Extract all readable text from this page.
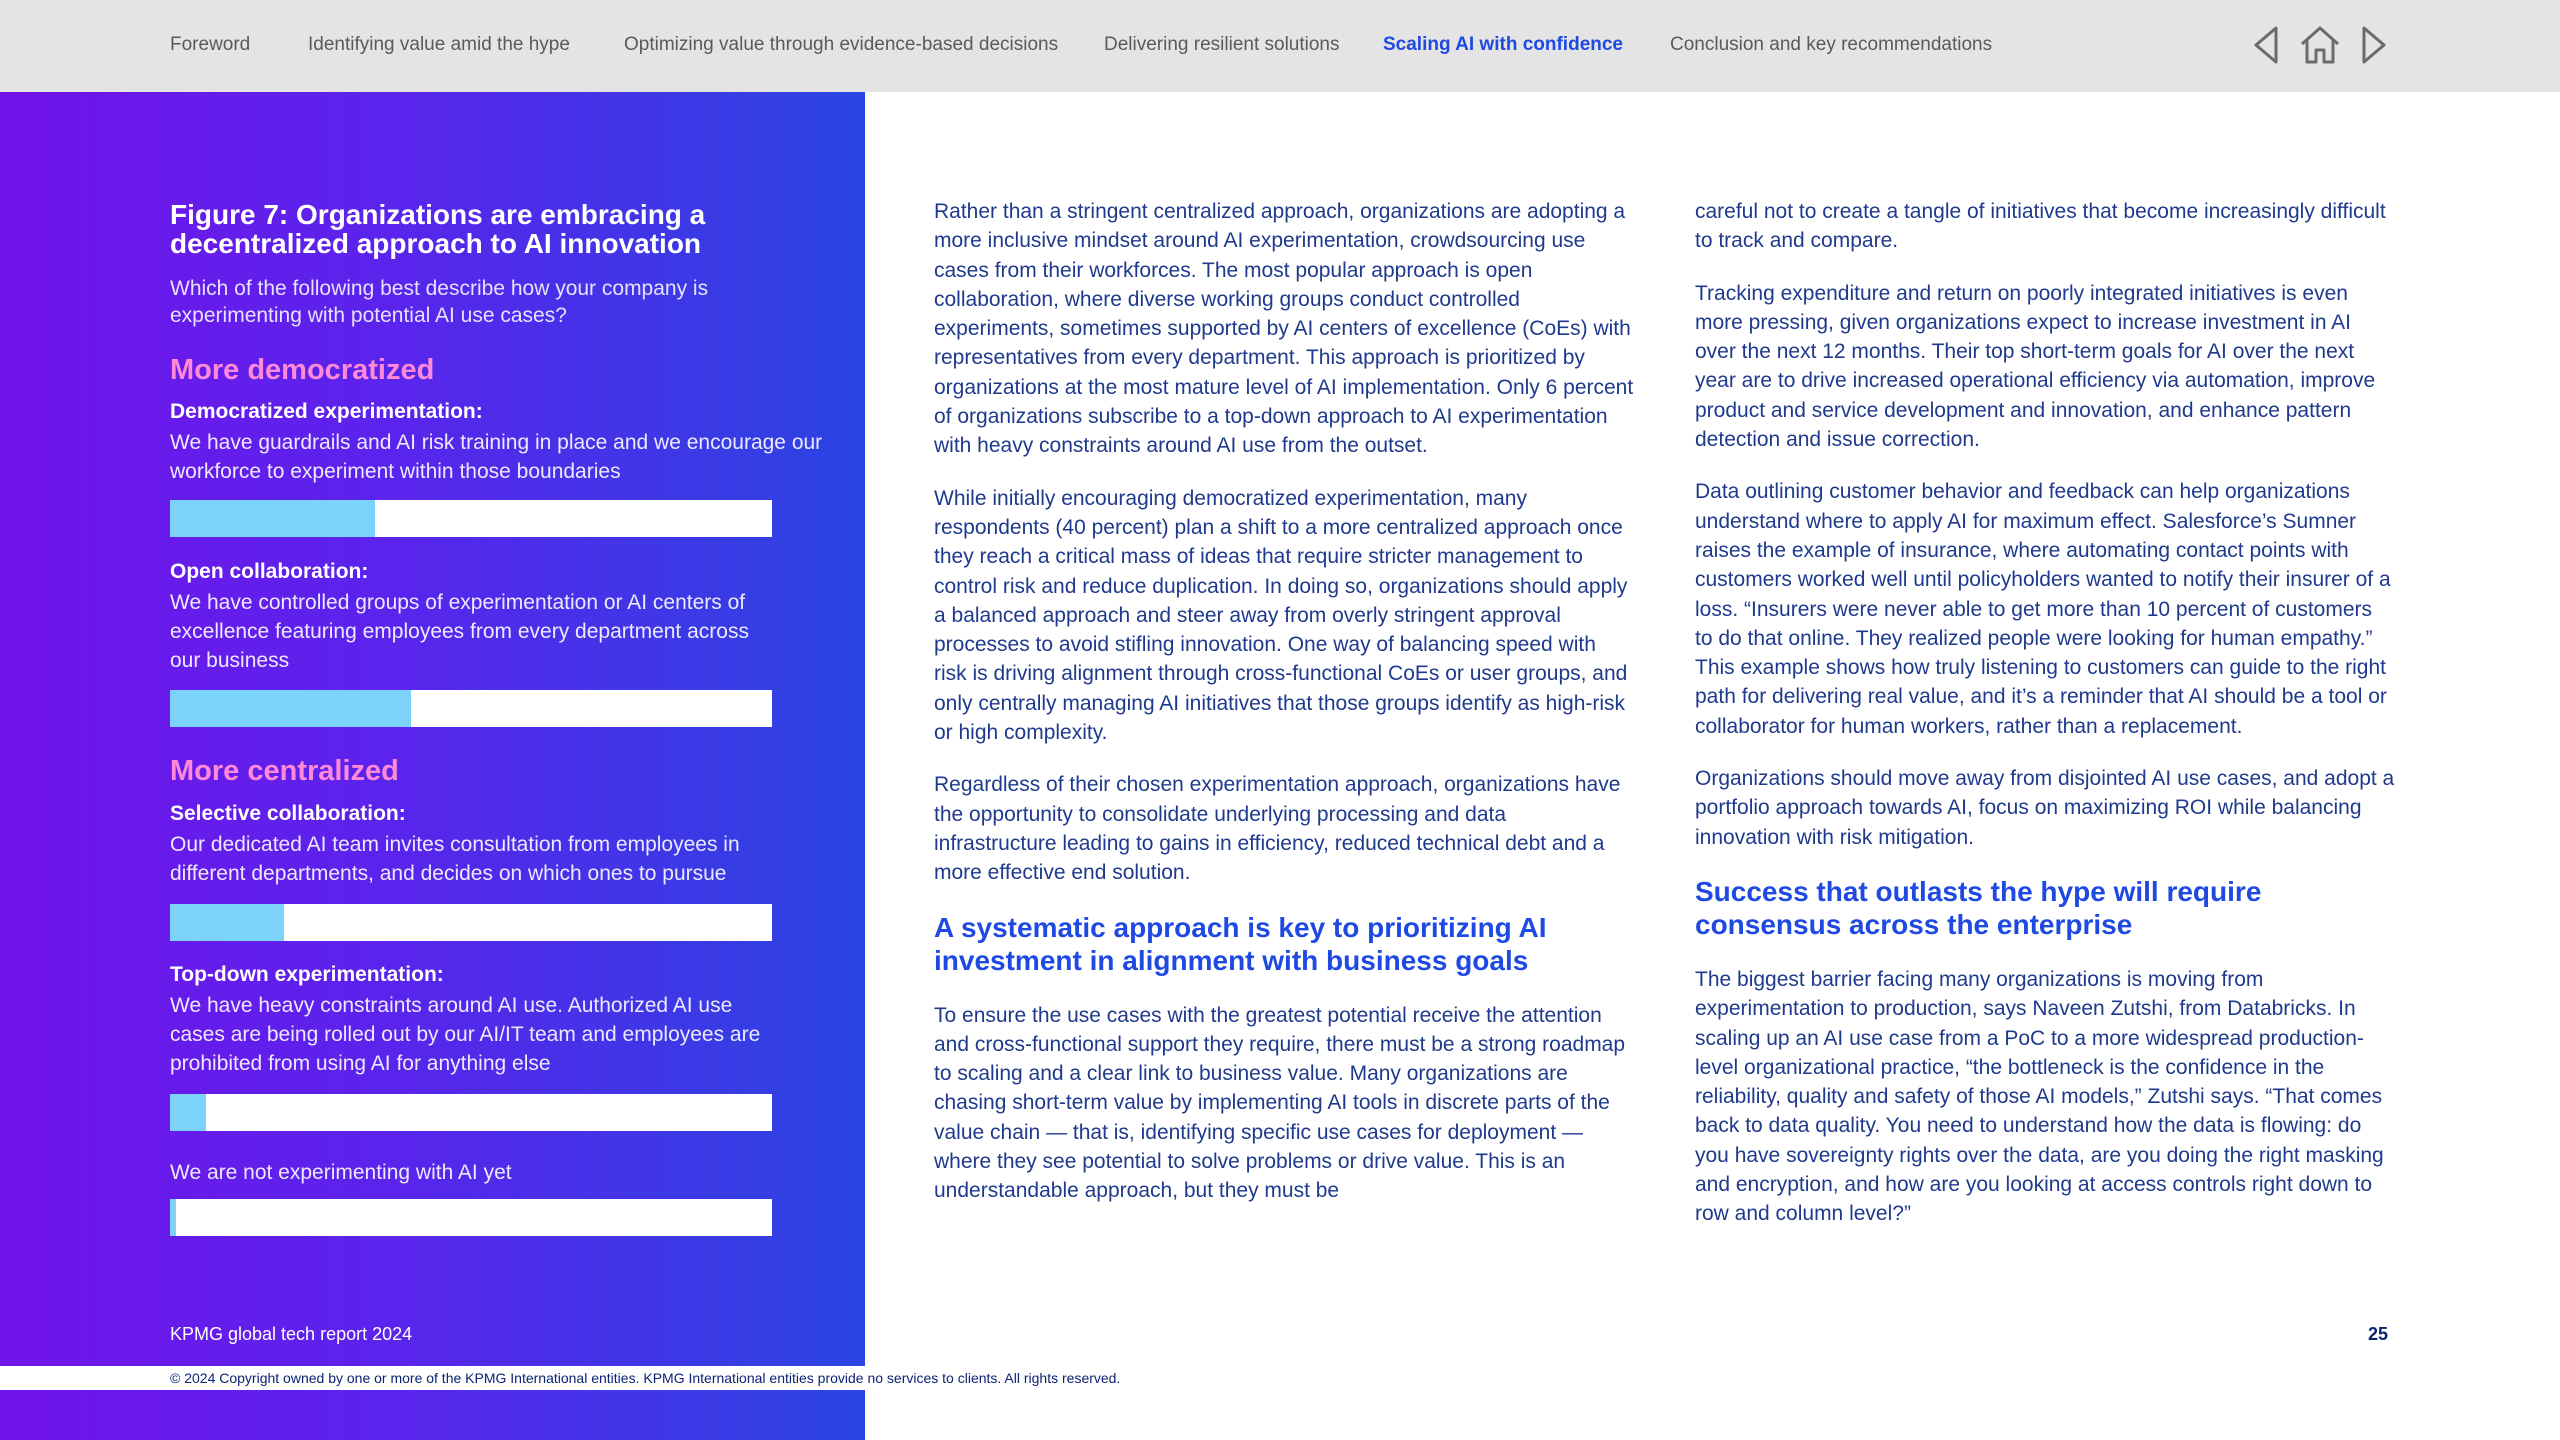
Foreword	Identifying value amid the hype	Optimizing value through evidence-based decisions Delivering resilient solutions Scaling AI with confidence Conclusion and key recommendations
Figure 7: Organizations are embracing a decentralized approach to AI innovation
Which of the following best describe how your company is experimenting with potential AI use cases?
More democratized
Democratized experimentation:
We have guardrails and AI risk training in place and we encourage our workforce to experiment within those boundaries
Open collaboration:
We have controlled groups of experimentation or AI centers of excellence featuring employees from every department across our business
More centralized
Selective collaboration:
Our dedicated AI team invites consultation from employees in different departments, and decides on which ones to pursue
Top-down experimentation:
We have heavy constraints around AI use. Authorized AI use cases are being rolled out by our AI/IT team and employees are prohibited from using AI for anything else
We are not experimenting with AI yet
KPMG global tech report 2024
© 2024 Copyright owned by one or more of the KPMG International entities. KPMG International entities provide no services to clients. All rights reserved.
25

Rather than a stringent centralized approach, organizations are adopting a more inclusive mindset around AI experimentation, crowdsourcing use cases from their workforces. The most popular approach is open collaboration, where diverse working groups conduct controlled experiments, sometimes supported by AI centers of excellence (CoEs) with representatives from every department. This approach is prioritized by organizations at the most mature level of AI implementation. Only 6 percent of organizations subscribe to a top-down approach to AI experimentation with heavy constraints around AI use from the outset.

While initially encouraging democratized experimentation, many respondents (40 percent) plan a shift to a more centralized approach once they reach a critical mass of ideas that require stricter management to control risk and reduce duplication. In doing so, organizations should apply a balanced approach and steer away from overly stringent approval processes to avoid stifling innovation. One way of balancing speed with risk is driving alignment through cross-functional CoEs or user groups, and only centrally managing AI initiatives that those groups identify as high-risk or high complexity.

Regardless of their chosen experimentation approach, organizations have the opportunity to consolidate underlying processing and data infrastructure leading to gains in efficiency, reduced technical debt and a more effective end solution.

A systematic approach is key to prioritizing AI investment in alignment with business goals

To ensure the use cases with the greatest potential receive the attention and cross-functional support they require, there must be a strong roadmap to scaling and a clear link to business value. Many organizations are chasing short-term value by implementing AI tools in discrete parts of the value chain — that is, identifying specific use cases for deployment — where they see potential to solve problems or drive value. This is an understandable approach, but they must be

careful not to create a tangle of initiatives that become increasingly difficult to track and compare.

Tracking expenditure and return on poorly integrated initiatives is even more pressing, given organizations expect to increase investment in AI over the next 12 months. Their top short-term goals for AI over the next year are to drive increased operational efficiency via automation, improve product and service development and innovation, and enhance pattern detection and issue correction.

Data outlining customer behavior and feedback can help organizations understand where to apply AI for maximum effect. Salesforce’s Sumner raises the example of insurance, where automating contact points with customers worked well until policyholders wanted to notify their insurer of a loss. “Insurers were never able to get more than 10 percent of customers to do that online. They realized people were looking for human empathy.” This example shows how truly listening to customers can guide to the right path for delivering real value, and it’s a reminder that AI should be a tool or collaborator for human workers, rather than a replacement.

Organizations should move away from disjointed AI use cases, and adopt a portfolio approach towards AI, focus on maximizing ROI while balancing innovation with risk mitigation.

Success that outlasts the hype will require consensus across the enterprise

The biggest barrier facing many organizations is moving from experimentation to production, says Naveen Zutshi, from Databricks. In scaling up an AI use case from a PoC to a more widespread production-level organizational practice, “the bottleneck is the confidence in the reliability, quality and safety of those AI models,” Zutshi says. “That comes back to data quality. You need to understand how the data is flowing: do you have sovereignty rights over the data, are you doing the right masking and encryption, and how are you looking at access controls right down to row and column level?”
